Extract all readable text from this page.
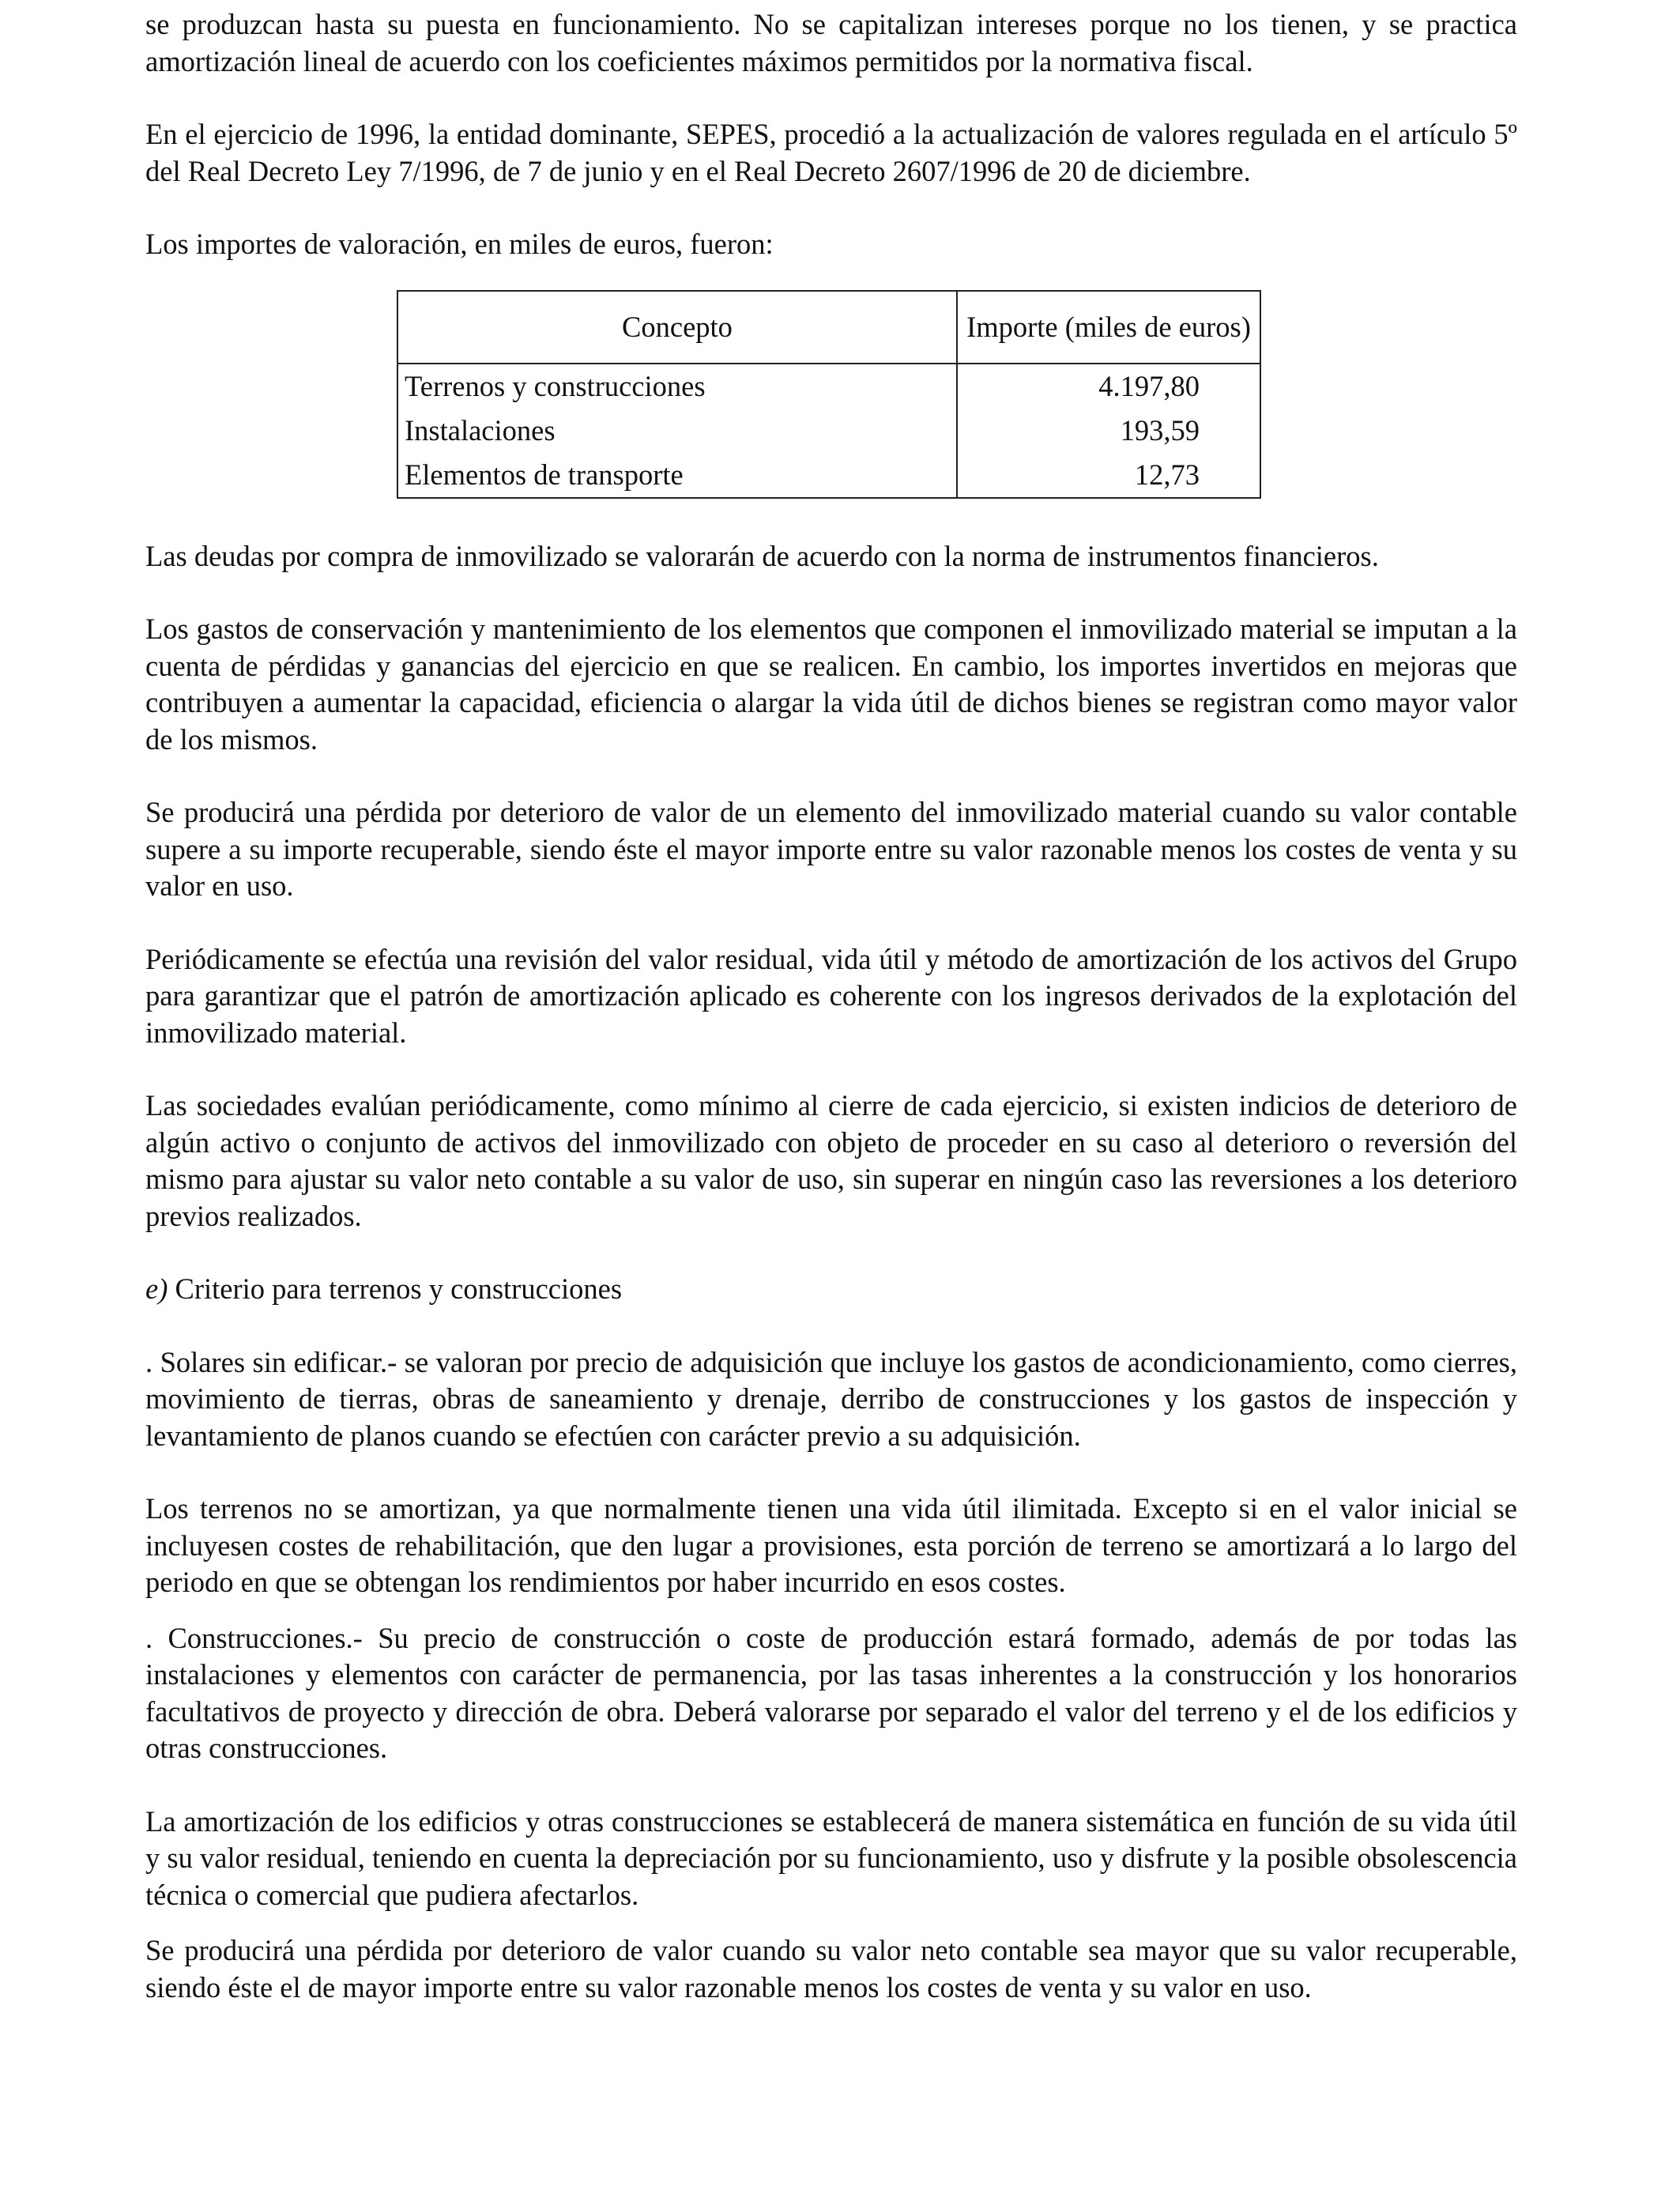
se produzcan hasta su puesta en funcionamiento. No se capitalizan intereses porque no los tienen, y se practica amortización lineal de acuerdo con los coeficientes máximos permitidos por la normativa fiscal.

En el ejercicio de 1996, la entidad dominante, SEPES, procedió a la actualización de valores regulada en el artículo 5º del Real Decreto Ley 7/1996, de 7 de junio y en el Real Decreto 2607/1996 de 20 de diciembre.

Los importes de valoración, en miles de euros, fueron:

Concepto	Importe (miles de euros)
Terrenos y construcciones	4.197,80
Instalaciones	193,59
Elementos de transporte	12,73

Las deudas por compra de inmovilizado se valorarán de acuerdo con la norma de instrumentos financieros.

Los gastos de conservación y mantenimiento de los elementos que componen el inmovilizado material se imputan a la cuenta de pérdidas y ganancias del ejercicio en que se realicen. En cambio, los importes invertidos en mejoras que contribuyen a aumentar la capacidad, eficiencia o alargar la vida útil de dichos bienes se registran como mayor valor de los mismos.

Se producirá una pérdida por deterioro de valor de un elemento del inmovilizado material cuando su valor contable supere a su importe recuperable, siendo éste el mayor importe entre su valor razonable menos los costes de venta y su valor en uso.

Periódicamente se efectúa una revisión del valor residual, vida útil y método de amortización de los activos del Grupo para garantizar que el patrón de amortización aplicado es coherente con los ingresos derivados de la explotación del inmovilizado material.

Las sociedades evalúan periódicamente, como mínimo al cierre de cada ejercicio, si existen indicios de deterioro de algún activo o conjunto de activos del inmovilizado con objeto de proceder en su caso al deterioro o reversión del mismo para ajustar su valor neto contable a su valor de uso, sin superar en ningún caso las reversiones a los deterioro previos realizados.

e) Criterio para terrenos y construcciones

. Solares sin edificar.- se valoran por precio de adquisición que incluye los gastos de acondicionamiento, como cierres, movimiento de tierras, obras de saneamiento y drenaje, derribo de construcciones y los gastos de inspección y levantamiento de planos cuando se efectúen con carácter previo a su adquisición.

Los terrenos no se amortizan, ya que normalmente tienen una vida útil ilimitada. Excepto si en el valor inicial se incluyesen costes de rehabilitación, que den lugar a provisiones, esta porción de terreno se amortizará a lo largo del periodo en que se obtengan los rendimientos por haber incurrido en esos costes.

. Construcciones.- Su precio de construcción o coste de producción estará formado, además de por todas las instalaciones y elementos con carácter de permanencia, por las tasas inherentes a la construcción y los honorarios facultativos de proyecto y dirección de obra. Deberá valorarse por separado el valor del terreno y el de los edificios y otras construcciones.

La amortización de los edificios y otras construcciones se establecerá de manera sistemática en función de su vida útil y su valor residual, teniendo en cuenta la depreciación por su funcionamiento, uso y disfrute y la posible obsolescencia técnica o comercial que pudiera afectarlos.

Se producirá una pérdida por deterioro de valor cuando su valor neto contable sea mayor que su valor recuperable, siendo éste el de mayor importe entre su valor razonable menos los costes de venta y su valor en uso.
